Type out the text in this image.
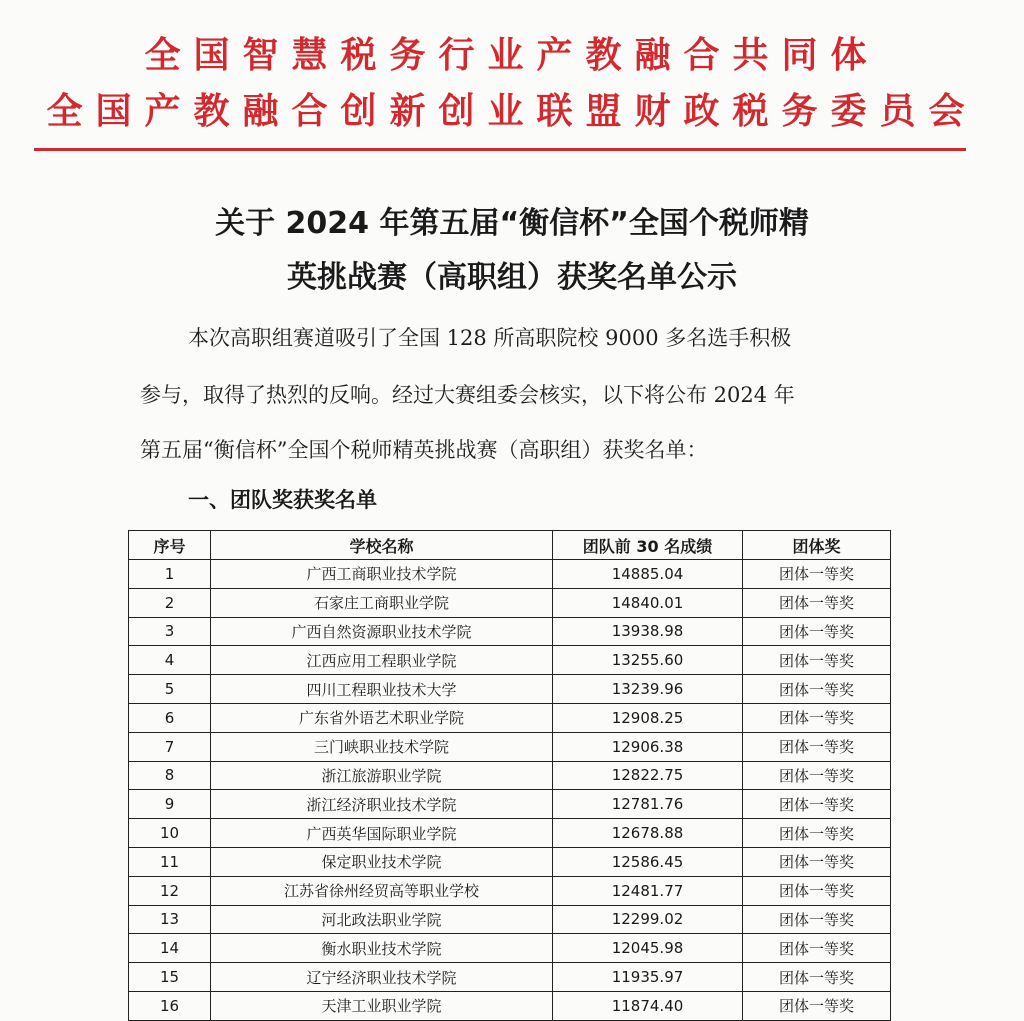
全国智慧税务行业产教融合共同体
全国产教融合创新创业联盟财政税务委员会
关于 2024 年第五届“衡信杯”全国个税师精
英挑战赛（高职组）获奖名单公示
本次高职组赛道吸引了全国 128 所高职院校 9000 多名选手积极
参与，取得了热烈的反响。经过大赛组委会核实，以下将公布 2024 年
第五届“衡信杯”全国个税师精英挑战赛（高职组）获奖名单：
一、团队奖获奖名单
序号	学校名称	团队前 30 名成绩	团体奖
1	广西工商职业技术学院	14885.04	团体一等奖
2	石家庄工商职业学院	14840.01	团体一等奖
3	广西自然资源职业技术学院	13938.98	团体一等奖
4	江西应用工程职业学院	13255.60	团体一等奖
5	四川工程职业技术大学	13239.96	团体一等奖
6	广东省外语艺术职业学院	12908.25	团体一等奖
7	三门峡职业技术学院	12906.38	团体一等奖
8	浙江旅游职业学院	12822.75	团体一等奖
9	浙江经济职业技术学院	12781.76	团体一等奖
10	广西英华国际职业学院	12678.88	团体一等奖
11	保定职业技术学院	12586.45	团体一等奖
12	江苏省徐州经贸高等职业学校	12481.77	团体一等奖
13	河北政法职业学院	12299.02	团体一等奖
14	衡水职业技术学院	12045.98	团体一等奖
15	辽宁经济职业技术学院	11935.97	团体一等奖
16	天津工业职业学院	11874.40	团体一等奖
